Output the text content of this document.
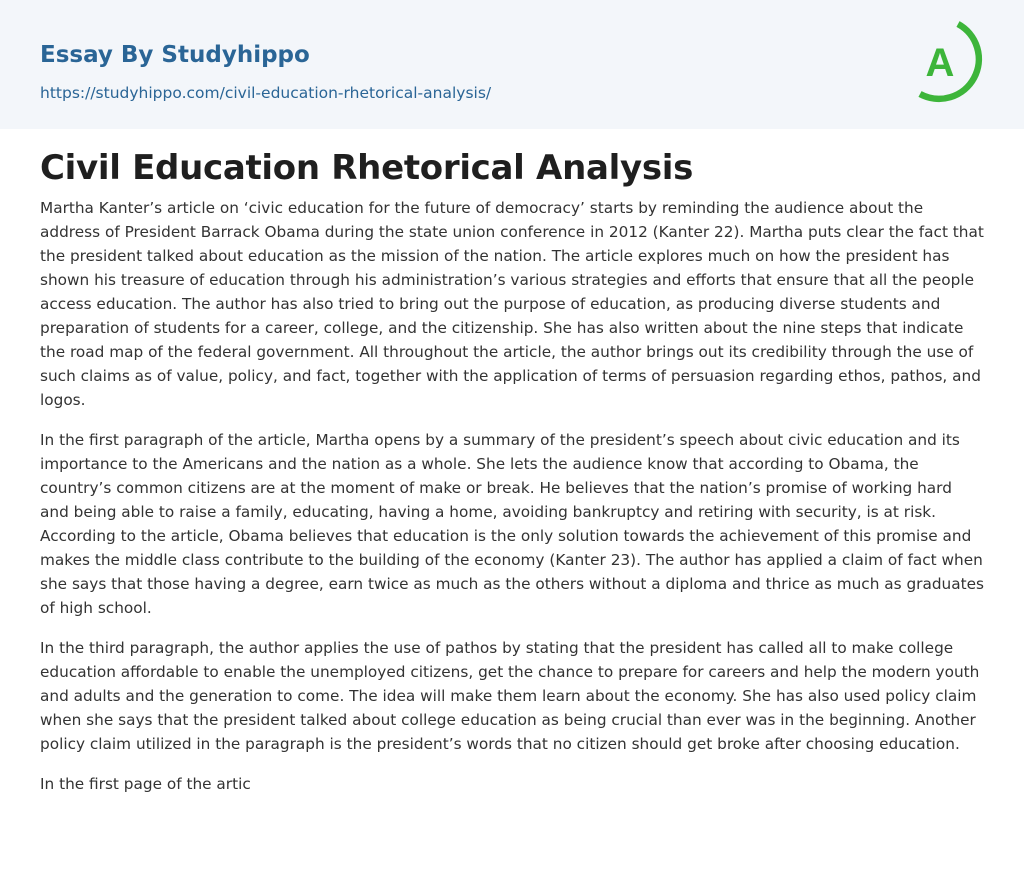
Essay By Studyhippo
https://studyhippo.com/civil-education-rhetorical-analysis/
A
Civil Education Rhetorical Analysis

Martha Kanter’s article on ‘civic education for the future of democracy’ starts by reminding the audience about the address of President Barrack Obama during the state union conference in 2012 (Kanter 22). Martha puts clear the fact that the president talked about education as the mission of the nation. The article explores much on how the president has shown his treasure of education through his administration’s various strategies and efforts that ensure that all the people access education. The author has also tried to bring out the purpose of education, as producing diverse students and preparation of students for a career, college, and the citizenship. She has also written about the nine steps that indicate the road map of the federal government. All throughout the article, the author brings out its credibility through the use of such claims as of value, policy, and fact, together with the application of terms of persuasion regarding ethos, pathos, and logos.

In the first paragraph of the article, Martha opens by a summary of the president’s speech about civic education and its importance to the Americans and the nation as a whole. She lets the audience know that according to Obama, the country’s common citizens are at the moment of make or break. He believes that the nation’s promise of working hard and being able to raise a family, educating, having a home, avoiding bankruptcy and retiring with security, is at risk. According to the article, Obama believes that education is the only solution towards the achievement of this promise and makes the middle class contribute to the building of the economy (Kanter 23). The author has applied a claim of fact when she says that those having a degree, earn twice as much as the others without a diploma and thrice as much as graduates of high school.

In the third paragraph, the author applies the use of pathos by stating that the president has called all to make college education affordable to enable the unemployed citizens, get the chance to prepare for careers and help the modern youth and adults and the generation to come. The idea will make them learn about the economy. She has also used policy claim when she says that the president talked about college education as being crucial than ever was in the beginning. Another policy claim utilized in the paragraph is the president’s words that no citizen should get broke after choosing education.

In the first page of the artic
